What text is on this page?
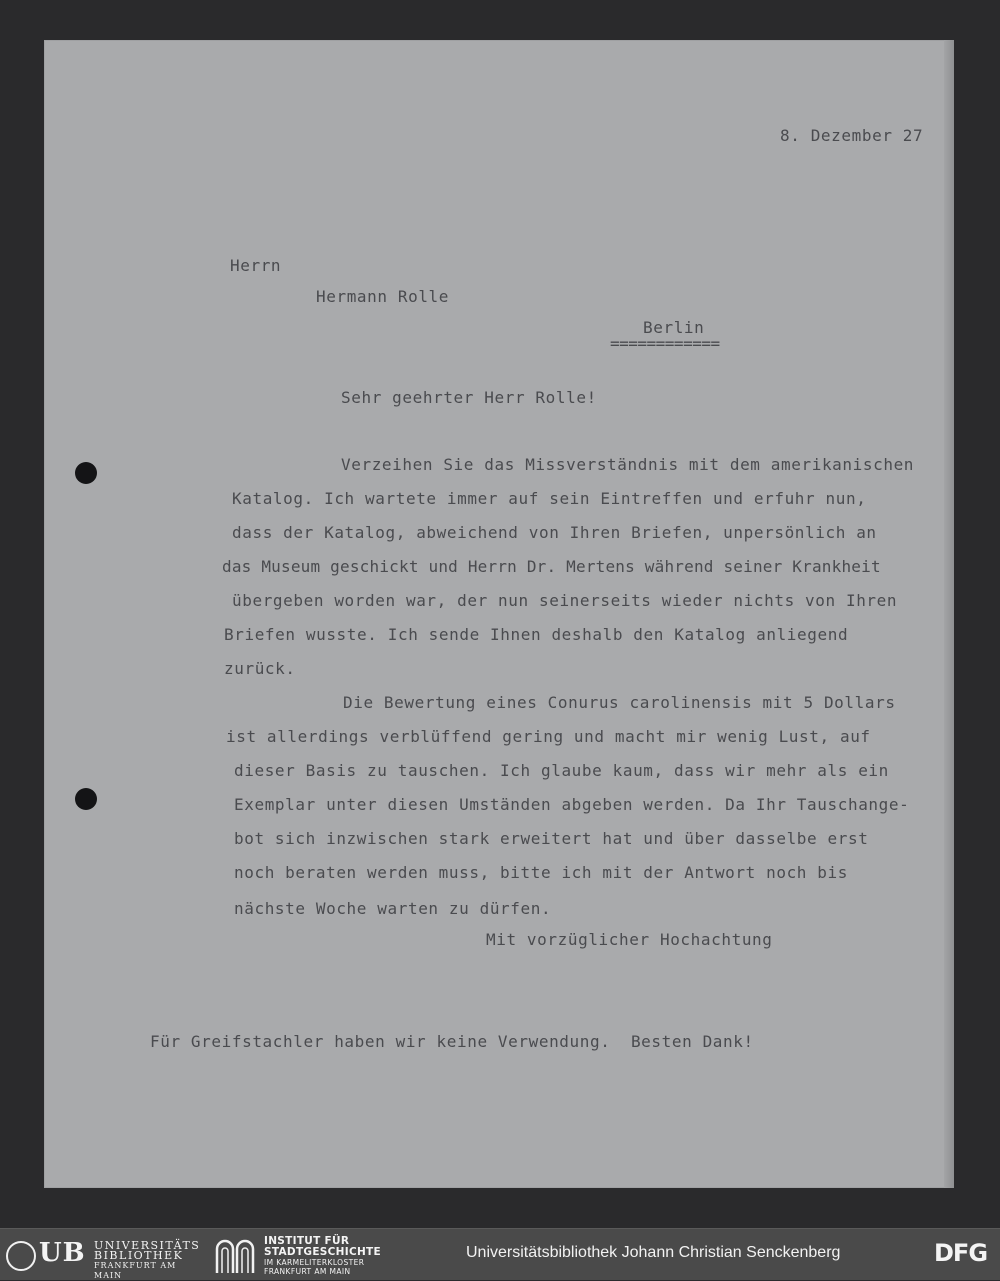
8. Dezember 27
Herrn
Hermann Rolle
Berlin
============
Sehr geehrter Herr Rolle!
Verzeihen Sie das Missverständnis mit dem amerikanischen
Katalog. Ich wartete immer auf sein Eintreffen und erfuhr nun,
dass der Katalog, abweichend von Ihren Briefen, unpersönlich an
das Museum geschickt und Herrn Dr. Mertens während seiner Krankheit
übergeben worden war, der nun seinerseits wieder nichts von Ihren
Briefen wusste. Ich sende Ihnen deshalb den Katalog anliegend
zurück.
Die Bewertung eines Conurus carolinensis mit 5 Dollars
ist allerdings verblüffend gering und macht mir wenig Lust, auf
dieser Basis zu tauschen. Ich glaube kaum, dass wir mehr als ein
Exemplar unter diesen Umständen abgeben werden. Da Ihr Tauschange-
bot sich inzwischen stark erweitert hat und über dasselbe erst
noch beraten werden muss, bitte ich mit der Antwort noch bis
nächste Woche warten zu dürfen.
Mit vorzüglicher Hochachtung
Für Greifstachler haben wir keine Verwendung.  Besten Dank!
UB UNIVERSITÄTS
BIBLIOTHEK
FRANKFURT AM MAIN
INSTITUT FÜR
STADTGESCHICHTE
IM KARMELITERKLOSTER
FRANKFURT AM MAIN
Universitätsbibliothek Johann Christian Senckenberg	DFG
